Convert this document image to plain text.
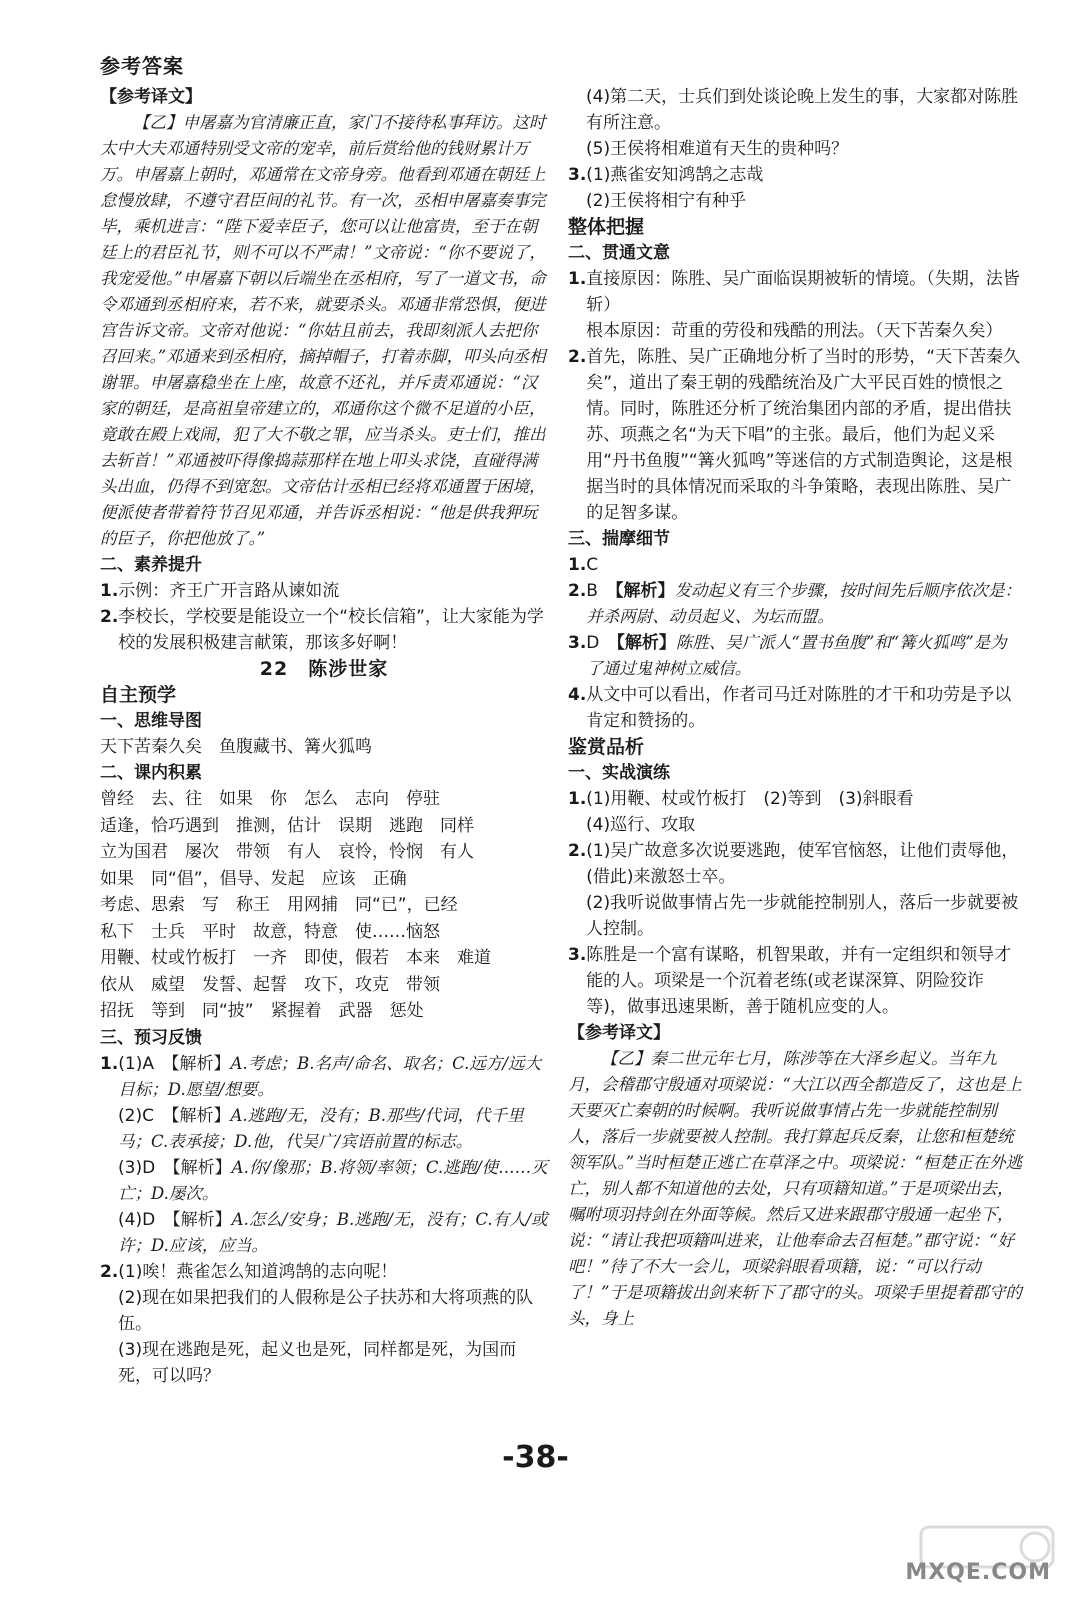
参考答案
【参考译文】
【乙】申屠嘉为官清廉正直，家门不接待私事拜访。这时太中大夫邓通特别受文帝的宠幸，前后赏给他的钱财累计万万。申屠嘉上朝时，邓通常在文帝身旁。他看到邓通在朝廷上怠慢放肆，不遵守君臣间的礼节。有一次，丞相申屠嘉奏事完毕，乘机进言：“陛下爱幸臣子，您可以让他富贵，至于在朝廷上的君臣礼节，则不可以不严肃！”文帝说：“你不要说了，我宠爱他。”申屠嘉下朝以后端坐在丞相府，写了一道文书，命令邓通到丞相府来，若不来，就要杀头。邓通非常恐惧，便进宫告诉文帝。文帝对他说：“你姑且前去，我即刻派人去把你召回来。”邓通来到丞相府，摘掉帽子，打着赤脚，叩头向丞相谢罪。申屠嘉稳坐在上座，故意不还礼，并斥责邓通说：“汉家的朝廷，是高祖皇帝建立的，邓通你这个微不足道的小臣，竟敢在殿上戏闹，犯了大不敬之罪，应当杀头。吏士们，推出去斩首！”邓通被吓得像捣蒜那样在地上叩头求饶，直碰得满头出血，仍得不到宽恕。文帝估计丞相已经将邓通置于困境，便派使者带着符节召见邓通，并告诉丞相说：“他是供我狎玩的臣子，你把他放了。”
二、素养提升
1. 示例：齐王广开言路从谏如流
2. 李校长，学校要是能设立一个“校长信箱”，让大家能为学校的发展积极建言献策，那该多好啊！
22　陈涉世家
自主预学
一、思维导图
天下苦秦久矣　鱼腹藏书、篝火狐鸣
二、课内积累
曾经　去、往　如果　你　怎么　志向　停驻
适逢，恰巧遇到　推测，估计　误期　逃跑　同样
立为国君　屡次　带领　有人　哀怜，怜悯　有人
如果　同“倡”，倡导、发起　应该　正确
考虑、思索　写　称王　用网捕　同“已”，已经
私下　士兵　平时　故意，特意　使……恼怒
用鞭、杖或竹板打　一齐　即使，假若　本来　难道
依从　威望　发誓、起誓　攻下，攻克　带领
招抚　等到　同“披”　紧握着　武器　惩处
三、预习反馈
1. (1)A　【解析】A.考虑；B.名声/命名、取名；C.远方/远大目标；D.愿望/想要。
(2)C　【解析】A.逃跑/无，没有；B.那些/代词，代千里马；C.表承接；D.他，代吴广/宾语前置的标志。
(3)D　【解析】A.你/像那；B.将领/率领；C.逃跑/使……灭亡；D.屡次。
(4)D　【解析】A.怎么/安身；B.逃跑/无，没有；C.有人/或许；D.应该，应当。
2. (1)唉！燕雀怎么知道鸿鹄的志向呢！
(2)现在如果把我们的人假称是公子扶苏和大将项燕的队伍。
(3)现在逃跑是死，起义也是死，同样都是死，为国而死，可以吗？
(4)第二天，士兵们到处谈论晚上发生的事，大家都对陈胜有所注意。
(5)王侯将相难道有天生的贵种吗？
3. (1)燕雀安知鸿鹄之志哉
(2)王侯将相宁有种乎
整体把握
二、贯通文意
1. 直接原因：陈胜、吴广面临误期被斩的情境。（失期，法皆斩）
根本原因：苛重的劳役和残酷的刑法。（天下苦秦久矣）
2. 首先，陈胜、吴广正确地分析了当时的形势，“天下苦秦久矣”，道出了秦王朝的残酷统治及广大平民百姓的愤恨之情。同时，陈胜还分析了统治集团内部的矛盾，提出借扶苏、项燕之名“为天下唱”的主张。最后，他们为起义采用“丹书鱼腹”“篝火狐鸣”等迷信的方式制造舆论，这是根据当时的具体情况而采取的斗争策略，表现出陈胜、吴广的足智多谋。
三、揣摩细节
1. C
2. B　 【解析】发动起义有三个步骤，按时间先后顺序依次是：并杀两尉、动员起义、为坛而盟。
3. D　 【解析】陈胜、吴广派人“置书鱼腹”和“篝火狐鸣”是为了通过鬼神树立威信。
4. 从文中可以看出，作者司马迁对陈胜的才干和功劳是予以肯定和赞扬的。
鉴赏品析
一、实战演练
1. (1)用鞭、杖或竹板打　(2)等到　(3)斜眼看
(4)巡行、攻取
2. (1)吴广故意多次说要逃跑，使军官恼怒，让他们责辱他，(借此)来激怒士卒。
(2)我听说做事情占先一步就能控制别人，落后一步就要被人控制。
3. 陈胜是一个富有谋略，机智果敢，并有一定组织和领导才能的人。项梁是一个沉着老练(或老谋深算、阴险狡诈等)，做事迅速果断，善于随机应变的人。
【参考译文】
【乙】秦二世元年七月，陈涉等在大泽乡起义。当年九月，会稽郡守殷通对项梁说：“大江以西全都造反了，这也是上天要灭亡秦朝的时候啊。我听说做事情占先一步就能控制别人，落后一步就要被人控制。我打算起兵反秦，让您和桓楚统领军队。”当时桓楚正逃亡在草泽之中。项梁说：“桓楚正在外逃亡，别人都不知道他的去处，只有项籍知道。”于是项梁出去，嘱咐项羽持剑在外面等候。然后又进来跟郡守殷通一起坐下，说：“请让我把项籍叫进来，让他奉命去召桓楚。”郡守说：“好吧！”待了不大一会儿，项梁斜眼看项籍，说：“可以行动了！”于是项籍拔出剑来斩下了郡守的头。项梁手里提着郡守的头，身上
-38-
MXQE.COM
